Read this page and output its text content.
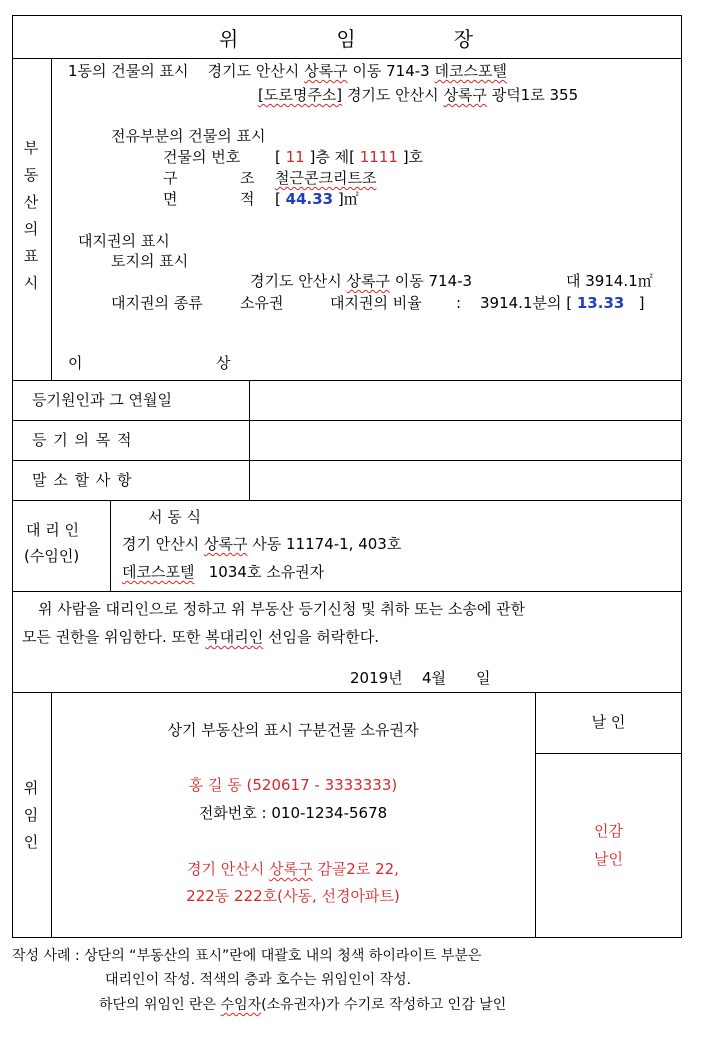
위	임	장
부
동
산
의
표
시
1동의 건물의 표시 경기도 안산시 상록구 이동 714-3 데코스포텔
[도로명주소] 경기도 안산시 상록구 광덕1로 355
전유부분의 건물의 표시
건물의 번호 [ 11 ]층 제[ 1111 ]호
구	조 철근콘크리트조
면	적 [ 44.33 ]㎡
대지권의 표시
토지의 표시
경기도 안산시 상록구 이동 714-3	대 3914.1㎡
대지권의 종류 소유권	대지권의 비율 : 3914.1분의 [ 13.33 ]
이	상
등기원인과 그 연월일
등 기 의 목 적
말 소 할 사 항
대 리 인
(수임인)
서 동 식
경기 안산시 상록구 사동 11174-1, 403호
데코스포텔 1034호 소유권자
위 사람을 대리인으로 정하고 위 부동산 등기신청 및 취하 또는 소송에 관한
모든 권한을 위임한다. 또한 복대리인 선임을 허락한다.
2019년 4월 일
위
임
인
상기 부동산의 표시 구분건물 소유권자
홍 길 동 (520617 - 3333333)
전화번호 : 010-1234-5678
경기 안산시 상록구 감골2로 22,
222동 222호(사동, 선경아파트)
날 인
인감
날인
작성 사례 : 상단의 “부동산의 표시”란에 대괄호 내의 청색 하이라이트 부분은
대리인이 작성. 적색의 층과 호수는 위임인이 작성.
하단의 위임인 란은 수임자(소유권자)가 수기로 작성하고 인감 날인
